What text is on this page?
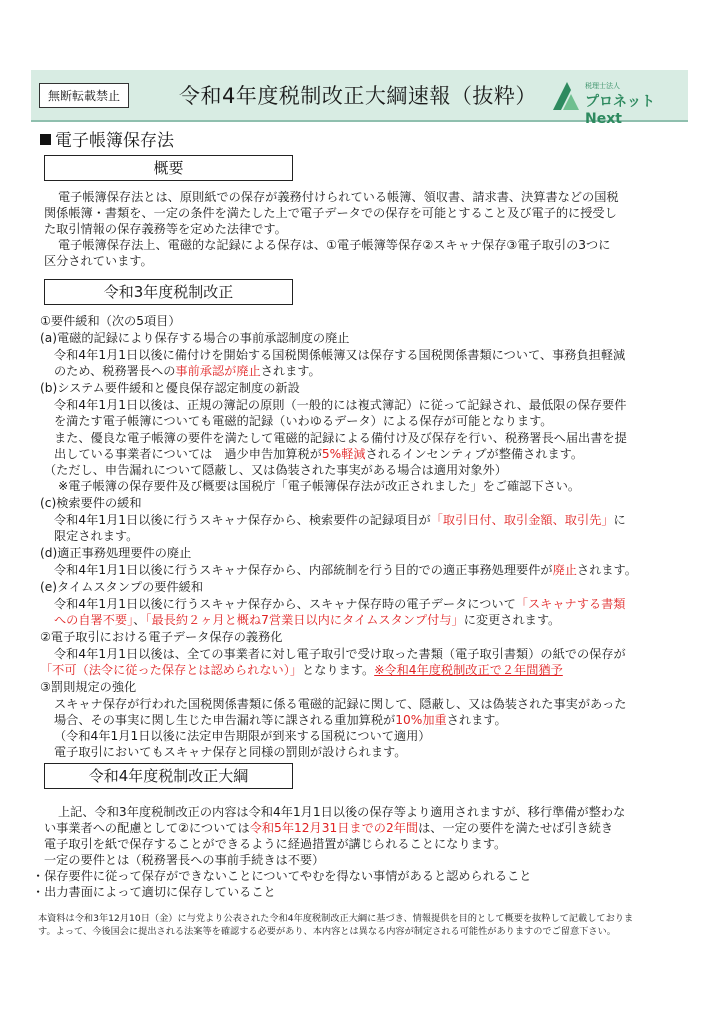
無断転載禁止	令和4年度税制改正大綱速報（抜粋）	税理士法人
プロネット Next
電子帳簿保存法
概要
電子帳簿保存法とは、原則紙での保存が義務付けられている帳簿、領収書、請求書、決算書などの国税
関係帳簿・書類を、一定の条件を満たした上で電子データでの保存を可能とすること及び電子的に授受し
た取引情報の保存義務等を定めた法律です。
電子帳簿保存法上、電磁的な記録による保存は、①電子帳簿等保存②スキャナ保存③電子取引の3つに
区分されています。
令和3年度税制改正
①要件緩和（次の5項目）
(a)電磁的記録により保存する場合の事前承認制度の廃止
令和4年1月1日以後に備付けを開始する国税関係帳簿又は保存する国税関係書類について、事務負担軽減
のため、税務署長への事前承認が廃止されます。
(b)システム要件緩和と優良保存認定制度の新設
令和4年1月1日以後は、正規の簿記の原則（一般的には複式簿記）に従って記録され、最低限の保存要件
を満たす電子帳簿についても電磁的記録（いわゆるデータ）による保存が可能となります。
また、優良な電子帳簿の要件を満たして電磁的記録による備付け及び保存を行い、税務署長へ届出書を提
出している事業者については　過少申告加算税が5%軽減されるインセンティブが整備されます。
（ただし、申告漏れについて隠蔽し、又は偽装された事実がある場合は適用対象外）
※電子帳簿の保存要件及び概要は国税庁「電子帳簿保存法が改正されました」をご確認下さい。
(c)検索要件の緩和
令和4年1月1日以後に行うスキャナ保存から、検索要件の記録項目が「取引日付、取引金額、取引先」に
限定されます。
(d)適正事務処理要件の廃止
令和4年1月1日以後に行うスキャナ保存から、内部統制を行う目的での適正事務処理要件が廃止されます。
(e)タイムスタンプの要件緩和
令和4年1月1日以後に行うスキャナ保存から、スキャナ保存時の電子データについて「スキャナする書類
への自署不要」、「最長約２ヶ月と概ね7営業日以内にタイムスタンプ付与」に変更されます。
②電子取引における電子データ保存の義務化
令和4年1月1日以後は、全ての事業者に対し電子取引で受け取った書類（電子取引書類）の紙での保存が
「不可（法令に従った保存とは認められない）」となります。※令和4年度税制改正で２年間猶予
③罰則規定の強化
スキャナ保存が行われた国税関係書類に係る電磁的記録に関して、隠蔽し、又は偽装された事実があった
場合、その事実に関し生じた申告漏れ等に課される重加算税が10%加重されます。
（令和4年1月1日以後に法定申告期限が到来する国税について適用）
電子取引においてもスキャナ保存と同様の罰則が設けられます。
令和4年度税制改正大綱
上記、令和3年度税制改正の内容は令和4年1月1日以後の保存等より適用されますが、移行準備が整わな
い事業者への配慮として②については令和5年12月31日までの2年間は、一定の要件を満たせば引き続き
電子取引を紙で保存することができるように経過措置が講じられることになります。
一定の要件とは（税務署長への事前手続きは不要）
・保存要件に従って保存ができないことについてやむを得ない事情があると認められること
・出力書面によって適切に保存していること
本資料は令和3年12月10日（金）に与党より公表された令和4年度税制改正大綱に基づき、情報提供を目的として概要を抜粋して記載しておりま
す。よって、今後国会に提出される法案等を確認する必要があり、本内容とは異なる内容が制定される可能性がありますのでご留意下さい。
